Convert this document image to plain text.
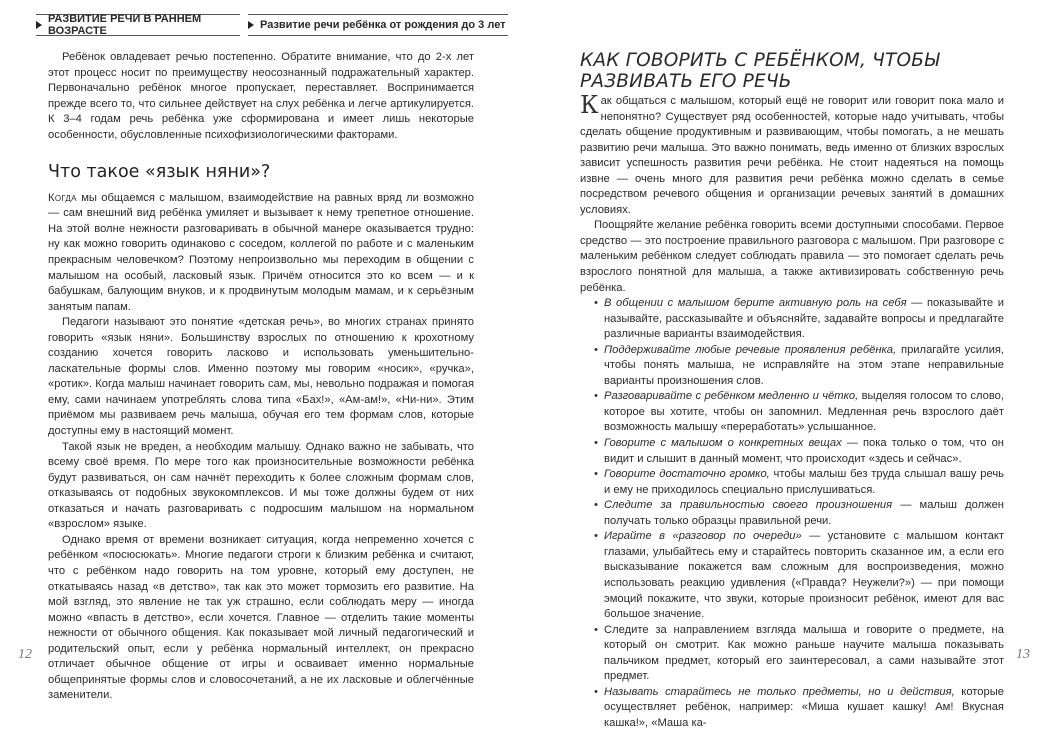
РАЗВИТИЕ РЕЧИ В РАННЕМ ВОЗРАСТЕ	Развитие речи ребёнка от рождения до 3 лет

Ребёнок овладевает речью постепенно. Обратите внимание, что до 2-х лет этот процесс носит по преимуществу неосознанный подражательный характер. Первоначально ребёнок многое пропускает, переставляет. Воспринимается прежде всего то, что сильнее действует на слух ребёнка и легче артикулируется. К 3–4 годам речь ребёнка уже сформирована и имеет лишь некоторые особенности, обусловленные психофизиологическими факторами.

Что такое «язык няни»?

Когда мы общаемся с малышом, взаимодействие на равных вряд ли возможно — сам внешний вид ребёнка умиляет и вызывает к нему трепетное отношение. На этой волне нежности разговаривать в обычной манере оказывается трудно: ну как можно говорить одинаково с соседом, коллегой по работе и с маленьким прекрасным человечком? Поэтому непроизвольно мы переходим в общении с малышом на особый, ласковый язык. Причём относится это ко всем — и к бабушкам, балующим внуков, и к продвинутым молодым мамам, и к серьёзным занятым папам.

Педагоги называют это понятие «детская речь», во многих странах принято говорить «язык няни». Большинству взрослых по отношению к крохотному созданию хочется говорить ласково и использовать уменьшительно-ласкательные формы слов. Именно поэтому мы говорим «носик», «ручка», «ротик». Когда малыш начинает говорить сам, мы, невольно подражая и помогая ему, сами начинаем употреблять слова типа «Бах!», «Ам-ам!», «Ни-ни». Этим приёмом мы развиваем речь малыша, обучая его тем формам слов, которые доступны ему в настоящий момент.

Такой язык не вреден, а необходим малышу. Однако важно не забывать, что всему своё время. По мере того как произносительные возможности ребёнка будут развиваться, он сам начнёт переходить к более сложным формам слов, отказываясь от подобных звукокомплексов. И мы тоже должны будем от них отказаться и начать разговаривать с подросшим малышом на нормальном «взрослом» языке.

Однако время от времени возникает ситуация, когда непременно хочется с ребёнком «посюсюкать». Многие педагоги строги к близким ребёнка и считают, что с ребёнком надо говорить на том уровне, который ему доступен, не откатываясь назад «в детство», так как это может тормозить его развитие. На мой взгляд, это явление не так уж страшно, если соблюдать меру — иногда можно «впасть в детство», если хочется. Главное — отделить такие моменты нежности от обычного общения. Как показывает мой личный педагогический и родительский опыт, если у ребёнка нормальный интеллект, он прекрасно отличает обычное общение от игры и осваивает именно нормальные общепринятые формы слов и словосочетаний, а не их ласковые и облегчённые заменители.

КАК ГОВОРИТЬ С РЕБЁНКОМ, ЧТОБЫ РАЗВИВАТЬ ЕГО РЕЧЬ

Как общаться с малышом, который ещё не говорит или говорит пока мало и непонятно? Существует ряд особенностей, которые надо учитывать, чтобы сделать общение продуктивным и развивающим, чтобы помогать, а не мешать развитию речи малыша. Это важно понимать, ведь именно от близких взрослых зависит успешность развития речи ребёнка. Не стоит надеяться на помощь извне — очень много для развития речи ребёнка можно сделать в семье посредством речевого общения и организации речевых занятий в домашних условиях.

Поощряйте желание ребёнка говорить всеми доступными способами. Первое средство — это построение правильного разговора с малышом. При разговоре с маленьким ребёнком следует соблюдать правила — это помогает сделать речь взрослого понятной для малыша, а также активизировать собственную речь ребёнка.

• В общении с малышом берите активную роль на себя — показывайте и называйте, рассказывайте и объясняйте, задавайте вопросы и предлагайте различные варианты взаимодействия.
• Поддерживайте любые речевые проявления ребёнка, прилагайте усилия, чтобы понять малыша, не исправляйте на этом этапе неправильные варианты произношения слов.
• Разговаривайте с ребёнком медленно и чётко, выделяя голосом то слово, которое вы хотите, чтобы он запомнил. Медленная речь взрослого даёт возможность малышу «переработать» услышанное.
• Говорите с малышом о конкретных вещах — пока только о том, что он видит и слышит в данный момент, что происходит «здесь и сейчас».
• Говорите достаточно громко, чтобы малыш без труда слышал вашу речь и ему не приходилось специально прислушиваться.
• Следите за правильностью своего произношения — малыш должен получать только образцы правильной речи.
• Играйте в «разговор по очереди» — установите с малышом контакт глазами, улыбайтесь ему и старайтесь повторить сказанное им, а если его высказывание покажется вам сложным для воспроизведения, можно использовать реакцию удивления («Правда? Неужели?») — при помощи эмоций покажите, что звуки, которые произносит ребёнок, имеют для вас большое значение.
• Следите за направлением взгляда малыша и говорите о предмете, на который он смотрит. Как можно раньше научите малыша показывать пальчиком предмет, который его заинтересовал, а сами называйте этот предмет.
• Называть старайтесь не только предметы, но и действия, которые осуществляет ребёнок, например: «Миша кушает кашку! Ам! Вкусная кашка!», «Маша ка-
12	13
